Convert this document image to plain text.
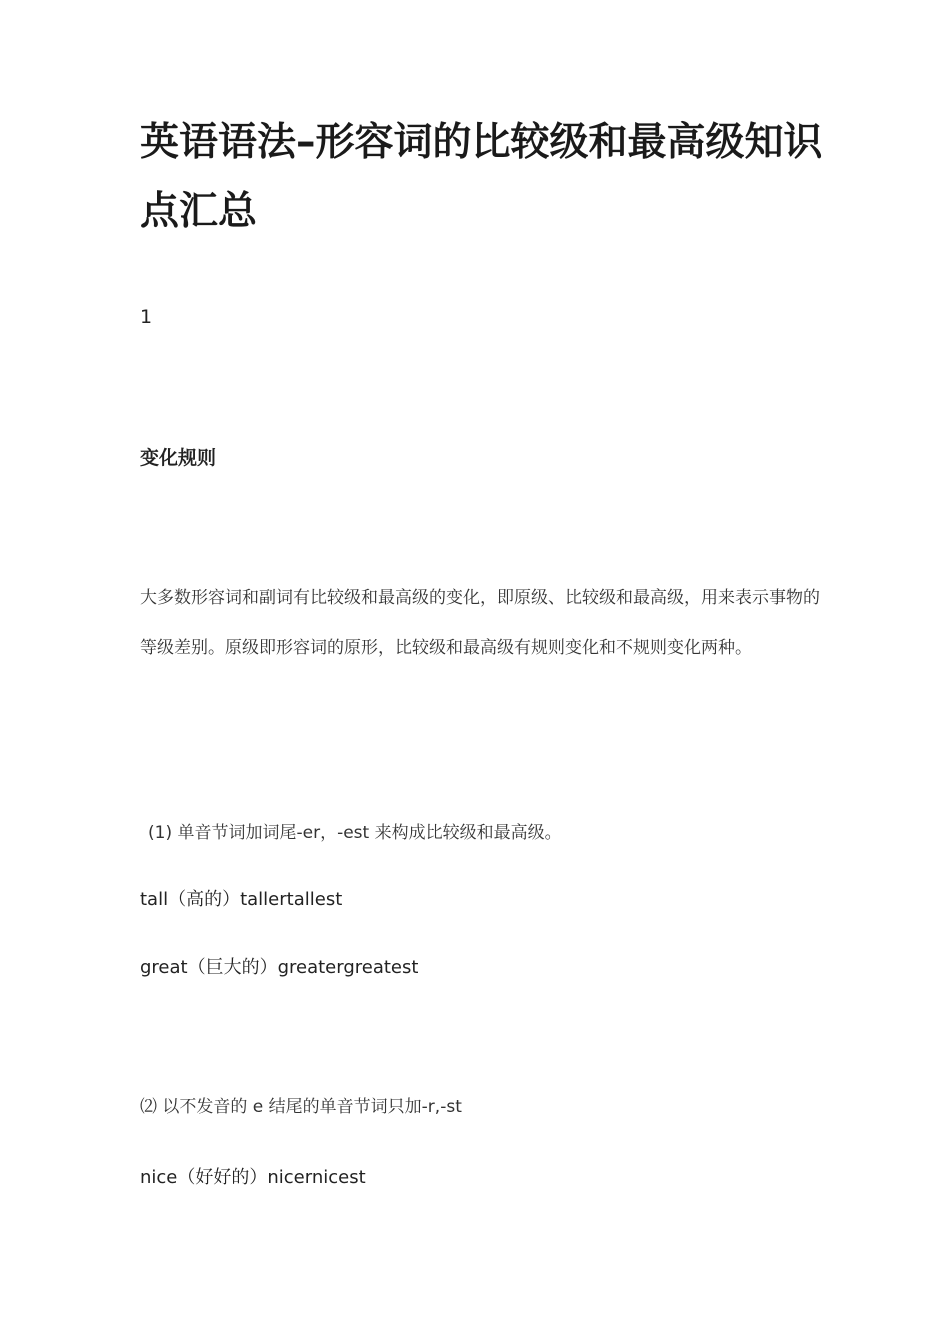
英语语法–形容词的比较级和最高级知识点汇总

1

变化规则

大多数形容词和副词有比较级和最高级的变化，即原级、比较级和最高级，用来表示事物的等级差别。原级即形容词的原形，比较级和最高级有规则变化和不规则变化两种。

(1) 单音节词加词尾-er，-est 来构成比较级和最高级。

tall（高的）tallertallest

great（巨大的）greatergreatest

⑵ 以不发音的 e 结尾的单音节词只加-r,-st

nice（好好的）nicernicest
